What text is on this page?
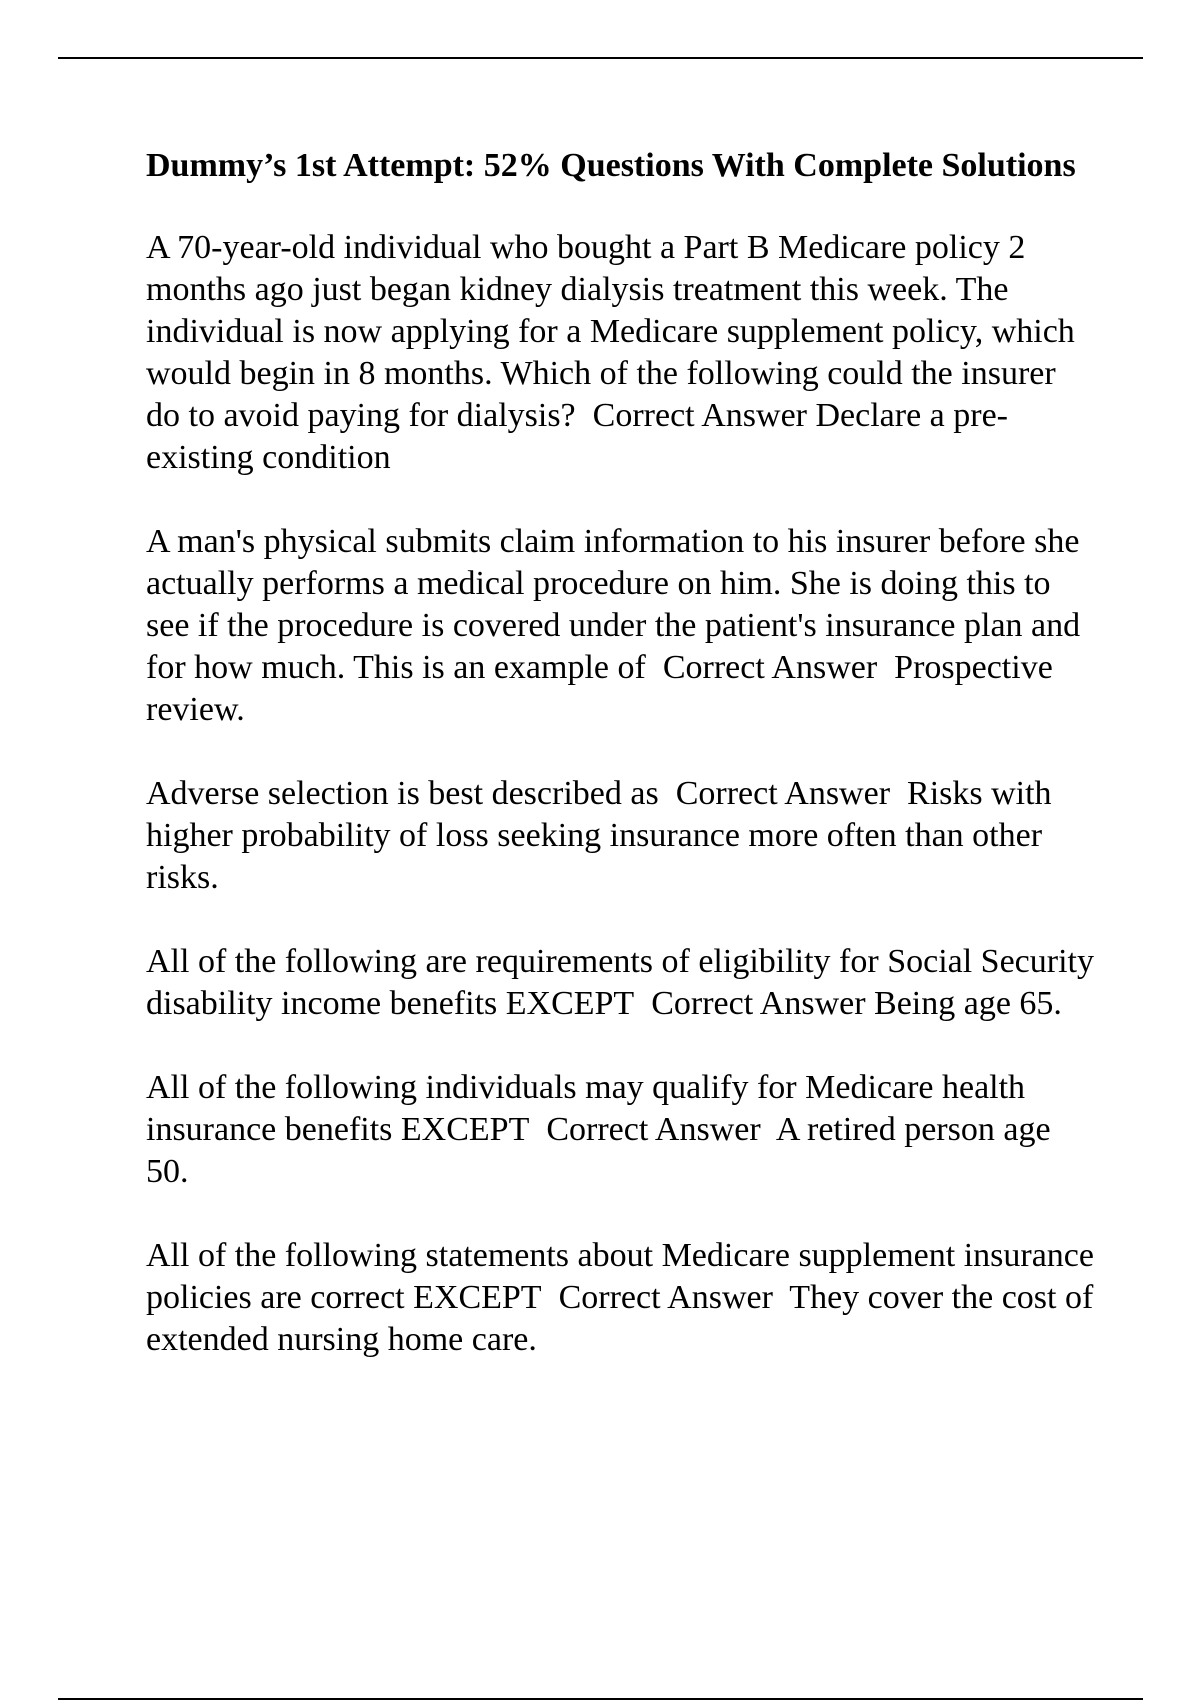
Dummy’s 1st Attempt: 52% Questions With Complete Solutions
A 70-year-old individual who bought a Part B Medicare policy 2 months ago just began kidney dialysis treatment this week. The individual is now applying for a Medicare supplement policy, which would begin in 8 months. Which of the following could the insurer do to avoid paying for dialysis? Correct Answer Declare a pre-existing condition
A man's physical submits claim information to his insurer before she actually performs a medical procedure on him. She is doing this to see if the procedure is covered under the patient's insurance plan and for how much. This is an example of Correct Answer Prospective review.
Adverse selection is best described as Correct Answer Risks with higher probability of loss seeking insurance more often than other risks.
All of the following are requirements of eligibility for Social Security disability income benefits EXCEPT Correct Answer Being age 65.
All of the following individuals may qualify for Medicare health insurance benefits EXCEPT Correct Answer A retired person age 50.
All of the following statements about Medicare supplement insurance policies are correct EXCEPT Correct Answer They cover the cost of extended nursing home care.
